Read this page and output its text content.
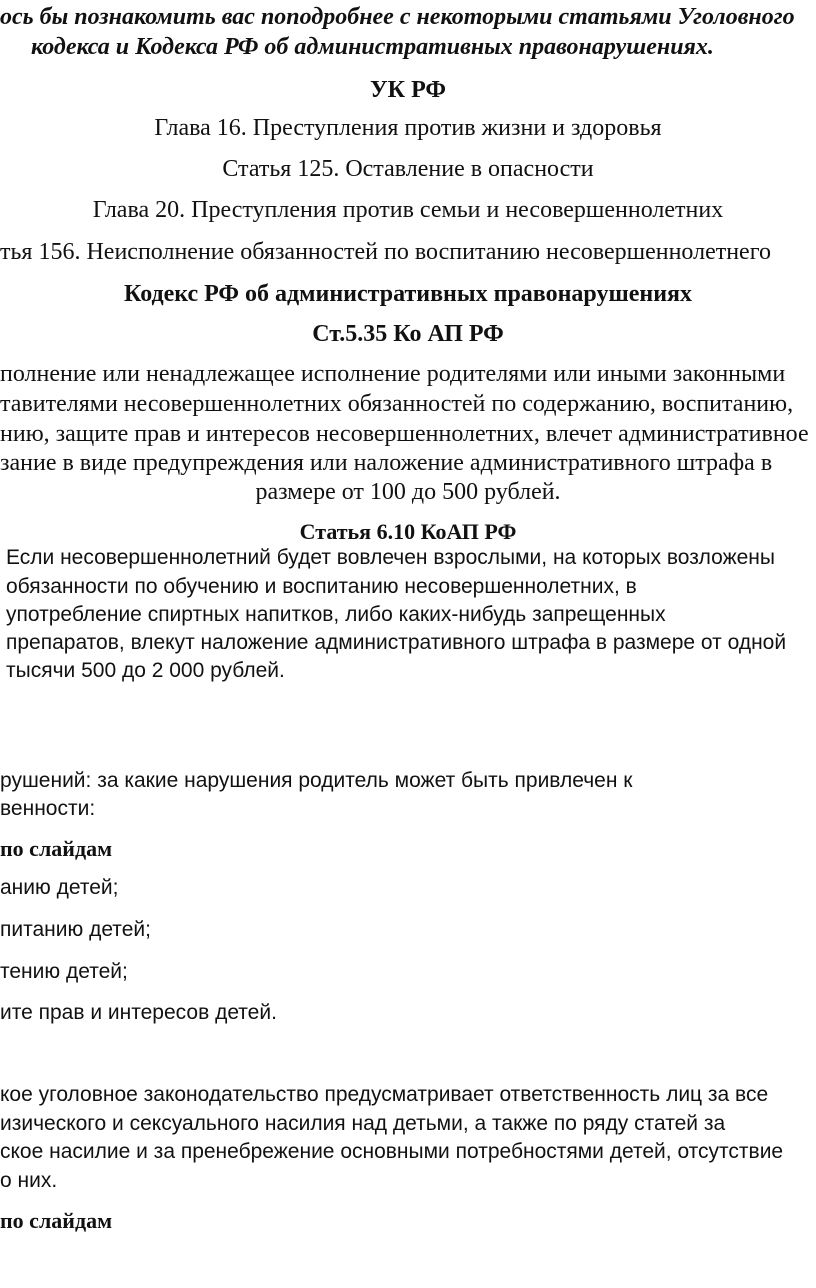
ось бы познакомить вас поподробнее с некоторыми статьями Уголовного
кодекса и Кодекса РФ об административных правонарушениях.
УК РФ
Глава 16. Преступления против жизни и здоровья
Статья 125. Оставление в опасности
Глава 20. Преступления против семьи и несовершеннолетних
тья 156. Неисполнение обязанностей по воспитанию несовершеннолетнего
Кодекс РФ об административных правонарушениях
Ст.5.35 Ко АП РФ
полнение или ненадлежащее исполнение родителями или иными законными
тавителями несовершеннолетних обязанностей по содержанию, воспитанию,
нию, защите прав и интересов несовершеннолетних, влечет административное
зание в виде предупреждения или наложение административного штрафа в
размере от 100 до 500 рублей.
Статья 6.10 КоАП РФ
Если несовершеннолетний будет вовлечен взрослыми, на которых возложены
обязанности по обучению и воспитанию несовершеннолетних, в
употребление спиртных напитков, либо каких-нибудь запрещенных
препаратов, влекут наложение административного штрафа в размере от одной
тысячи 500 до 2 000 рублей.
рушений: за какие нарушения родитель может быть привлечен к
венности:
по слайдам
анию детей;
питанию детей;
тению детей;
ите прав и интересов детей.
кое уголовное законодательство предусматривает ответственность лиц за все
изического и сексуального насилия над детьми, а также по ряду статей за
ское насилие и за пренебрежение основными потребностями детей, отсутствие
о них.
по слайдам
